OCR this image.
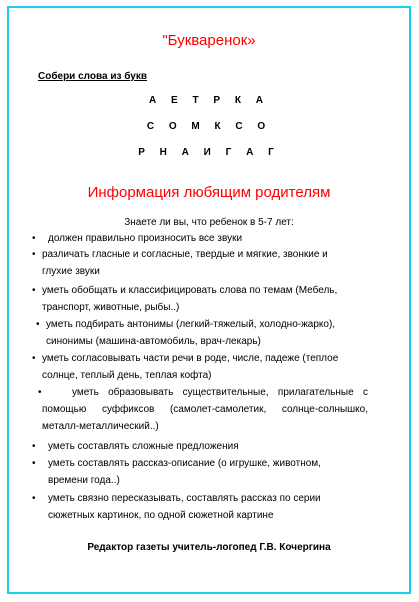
"Букваренок»
Собери слова из букв
А Е Т Р К А
С О М К С О
Р Н А И Г А Г
Информация любящим родителям
Знаете ли вы, что ребенок в 5-7 лет:
• должен правильно произносить все звуки
• различать гласные и согласные, твердые и мягкие, звонкие и глухие звуки
• уметь обобщать и классифицировать слова по темам (Мебель, транспорт, животные, рыбы..)
• уметь подбирать антонимы (легкий-тяжелый, холодно-жарко), синонимы (машина-автомобиль, врач-лекарь)
• уметь согласовывать части речи в роде, числе, падеже (теплое солнце, теплый день, теплая кофта)
•	уметь образовывать существительные, прилагательные с помощью суффиксов (самолет-самолетик, солнце-солнышко, металл-металлический..)
• уметь составлять сложные предложения
• уметь составлять рассказ-описание (о игрушке, животном, времени года..)
• уметь связно пересказывать, составлять рассказ по серии сюжетных картинок, по одной сюжетной картине
Редактор газеты учитель-логопед Г.В. Кочергина
